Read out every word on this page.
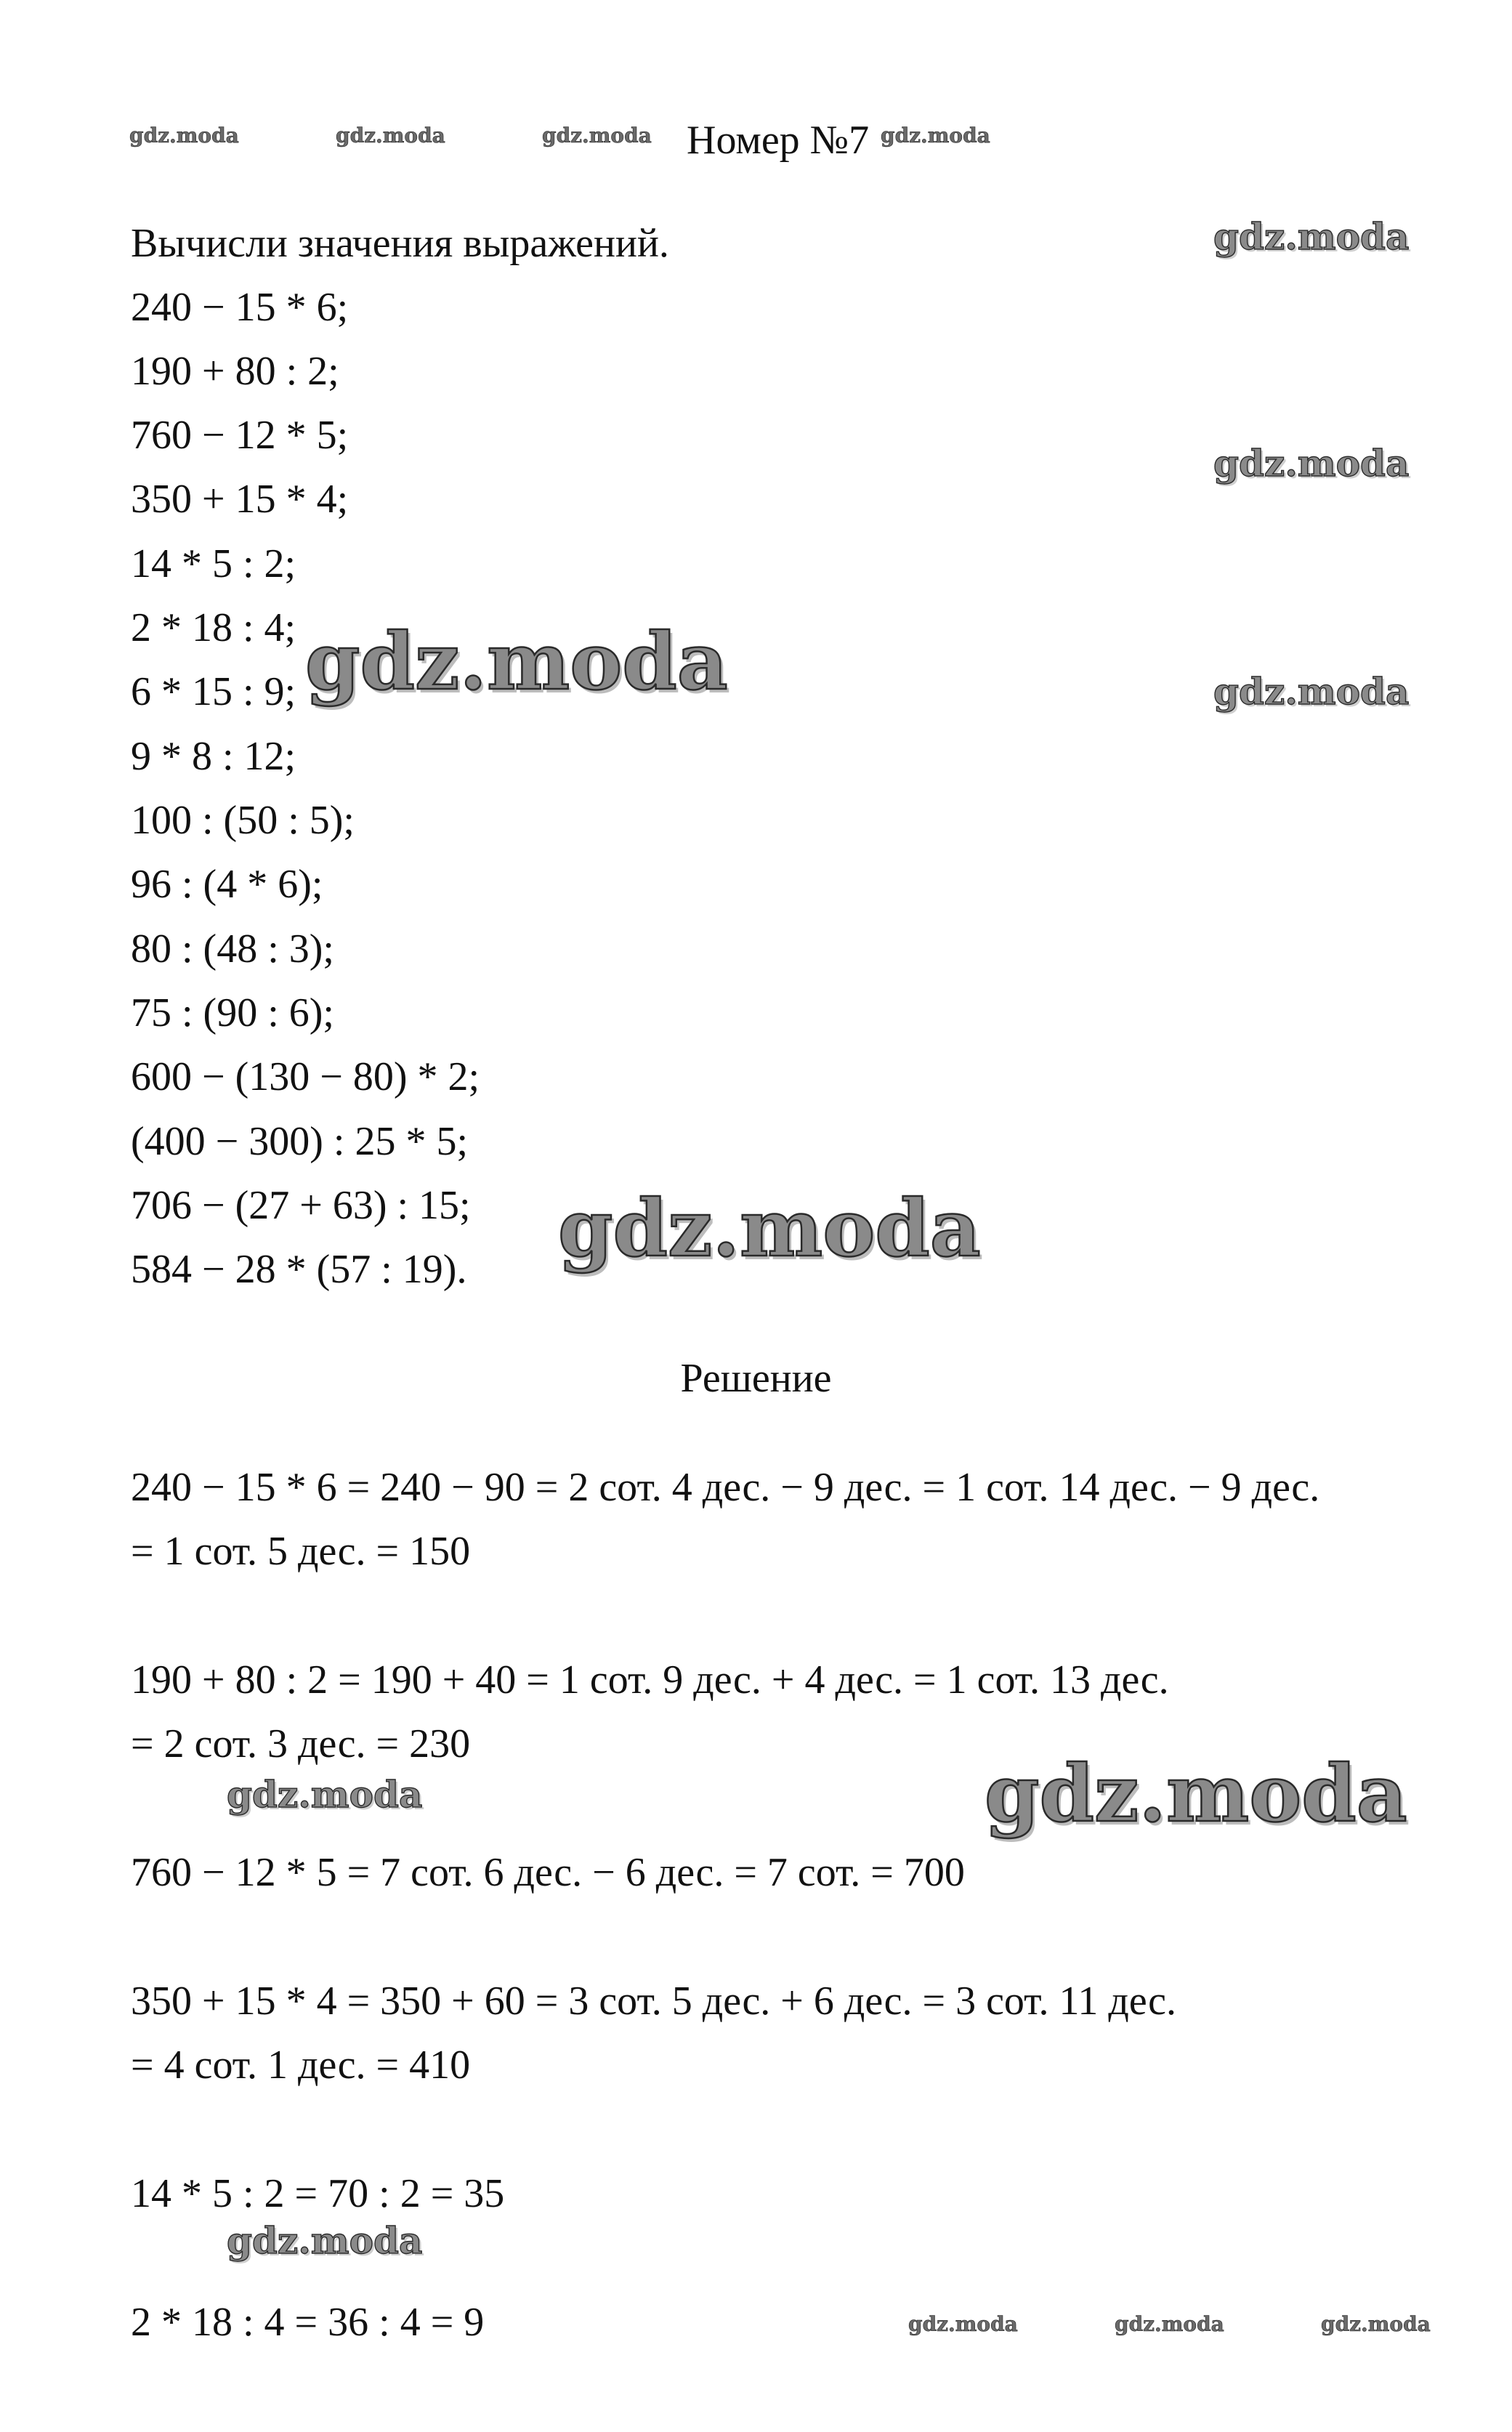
gdz.moda	gdz.moda	gdz.moda	gdz.moda
gdz.moda
gdz.moda
gdz.moda
gdz.moda
gdz.moda
gdz.moda
gdz.moda
gdz.moda
gdz.moda	gdz.moda	gdz.moda
Номер №7
Вычисли значения выражений.
240 − 15 * 6;
190 + 80 : 2;
760 − 12 * 5;
350 + 15 * 4;
14 * 5 : 2;
2 * 18 : 4;
6 * 15 : 9;
9 * 8 : 12;
100 : (50 : 5);
96 : (4 * 6);
80 : (48 : 3);
75 : (90 : 6);
600 − (130 − 80) * 2;
(400 − 300) : 25 * 5;
706 − (27 + 63) : 15;
584 − 28 * (57 : 19).
Решение
240 − 15 * 6 = 240 − 90 = 2 сот. 4 дес. − 9 дес. = 1 сот. 14 дес. − 9 дес.
= 1 сот. 5 дес. = 150
190 + 80 : 2 = 190 + 40 = 1 сот. 9 дес. + 4 дес. = 1 сот. 13 дес.
= 2 сот. 3 дес. = 230
760 − 12 * 5 = 7 сот. 6 дес. − 6 дес. = 7 сот. = 700
350 + 15 * 4 = 350 + 60 = 3 сот. 5 дес. + 6 дес. = 3 сот. 11 дес.
= 4 сот. 1 дес. = 410
14 * 5 : 2 = 70 : 2 = 35
2 * 18 : 4 = 36 : 4 = 9
